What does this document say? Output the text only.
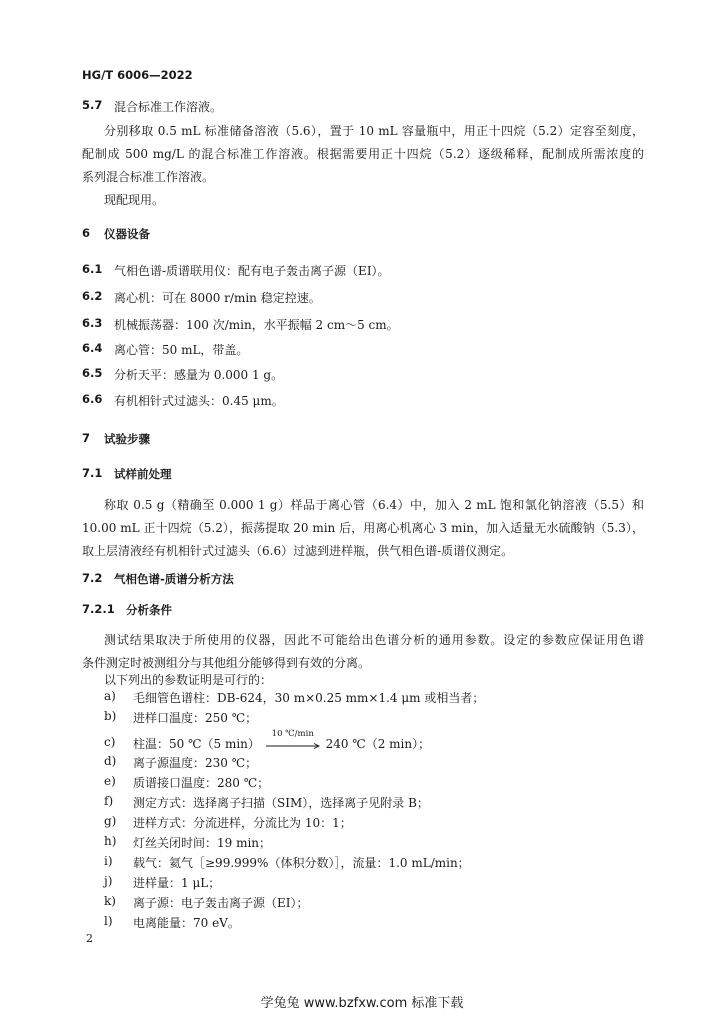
HG/T 6006—2022
5.7 混合标准工作溶液。
分别移取 0.5 mL 标准储备溶液（5.6），置于 10 mL 容量瓶中，用正十四烷（5.2）定容至刻度，
配制成 500 mg/L 的混合标准工作溶液。根据需要用正十四烷（5.2）逐级稀释，配制成所需浓度的
系列混合标准工作溶液。
现配现用。
6 仪器设备
6.1 气相色谱-质谱联用仪：配有电子轰击离子源（EI）。
6.2 离心机：可在 8000 r/min 稳定控速。
6.3 机械振荡器：100 次/min，水平振幅 2 cm～5 cm。
6.4 离心管：50 mL，带盖。
6.5 分析天平：感量为 0.000 1 g。
6.6 有机相针式过滤头：0.45 μm。
7 试验步骤
7.1 试样前处理
称取 0.5 g（精确至 0.000 1 g）样品于离心管（6.4）中，加入 2 mL 饱和氯化钠溶液（5.5）和
10.00 mL 正十四烷（5.2），振荡提取 20 min 后，用离心机离心 3 min，加入适量无水硫酸钠（5.3），
取上层清液经有机相针式过滤头（6.6）过滤到进样瓶，供气相色谱-质谱仪测定。
7.2 气相色谱-质谱分析方法
7.2.1 分析条件
测试结果取决于所使用的仪器，因此不可能给出色谱分析的通用参数。设定的参数应保证用色谱
条件测定时被测组分与其他组分能够得到有效的分离。
以下列出的参数证明是可行的：
a) 毛细管色谱柱：DB-624，30 m×0.25 mm×1.4 μm 或相当者；
b) 进样口温度：250 ℃；
c) 柱温：50 ℃（5 min）
10 ℃/min
240 ℃（2 min）；
d) 离子源温度：230 ℃；
e) 质谱接口温度：280 ℃；
f) 测定方式：选择离子扫描（SIM），选择离子见附录 B；
g) 进样方式：分流进样，分流比为 10：1；
h) 灯丝关闭时间：19 min；
i) 载气：氦气［≥99.999%（体积分数）］，流量：1.0 mL/min；
j) 进样量：1 μL；
k) 离子源：电子轰击离子源（EI）；
l) 电离能量：70 eV。
2
学兔兔 www.bzfxw.com 标准下载
